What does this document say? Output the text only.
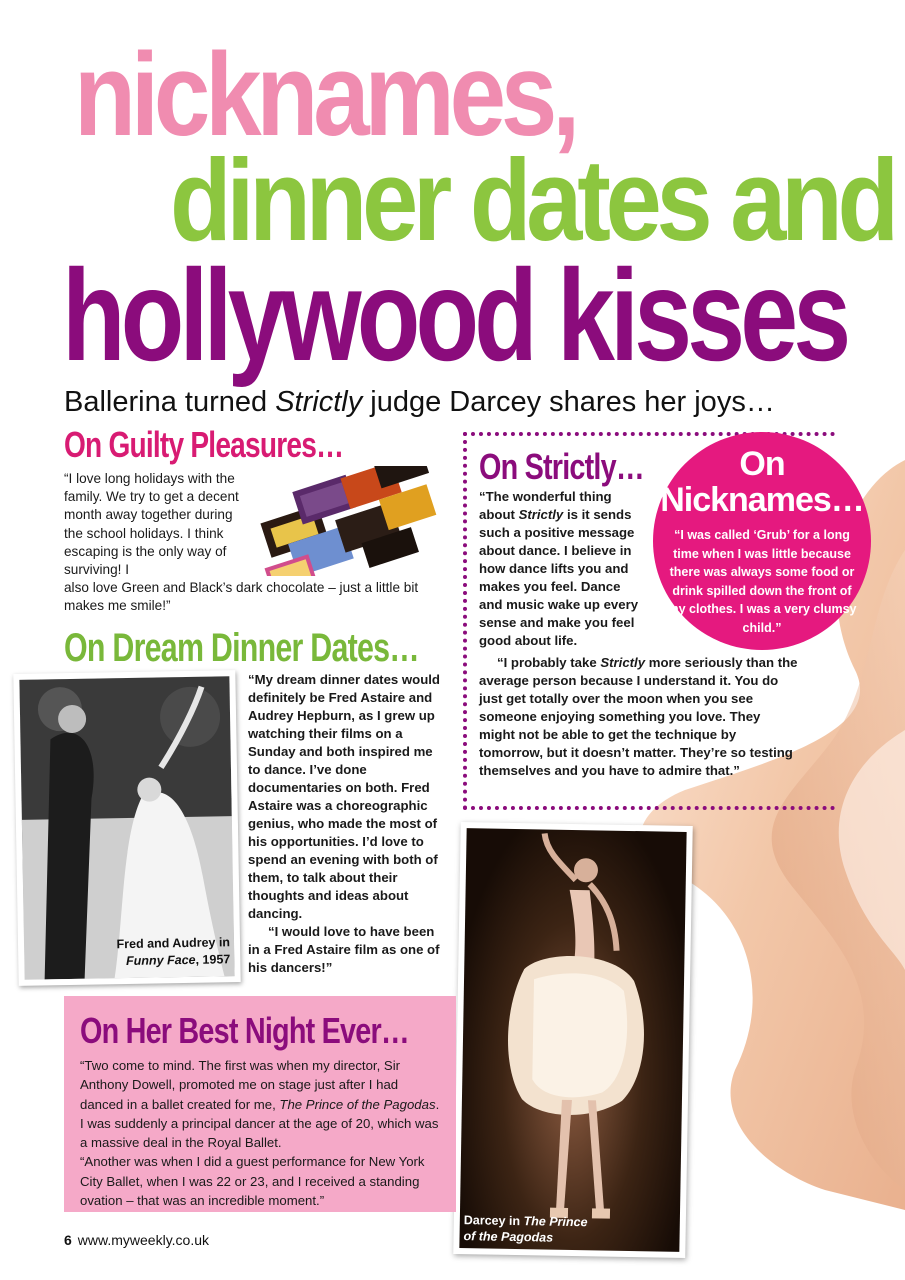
nicknames,
dinner dates and
hollywood kisses
Ballerina turned Strictly judge Darcey shares her joys…
On Guilty Pleasures…
“I love long holidays with the family. We try to get a decent month away together during the school holidays. I think escaping is the only way of surviving! I
also love Green and Black’s dark chocolate – just a little bit makes me smile!”
On Dream Dinner Dates…
Fred and Audrey in
Funny Face, 1957
“My dream dinner dates would definitely be Fred Astaire and Audrey Hepburn, as I grew up watching their films on a Sunday and both inspired me to dance. I’ve done documentaries on both. Fred Astaire was a choreographic genius, who made the most of his opportunities. I’d love to spend an evening with both of them, to talk about their thoughts and ideas about dancing.
“I would love to have been in a Fred Astaire film as one of his dancers!”
On Strictly…
“The wonderful thing about Strictly is it sends such a positive message about dance. I believe in how dance lifts you and makes you feel. Dance and music wake up every sense and make you feel good about life.
“I probably take Strictly more seriously than the average person because I understand it. You do just get totally over the moon when you see someone enjoying something you love. They might not be able to get the technique by tomorrow, but it doesn’t matter. They’re so testing themselves and you have to admire that.”
On
Nicknames…
“I was called ‘Grub’ for a long time when I was little because there was always some food or drink spilled down the front of my clothes. I was a very clumsy child.”
Darcey in The Prince
of the Pagodas
On Her Best Night Ever…
“Two come to mind. The first was when my director, Sir Anthony Dowell, promoted me on stage just after I had danced in a ballet created for me, The Prince of the Pagodas. I was suddenly a principal dancer at the age of 20, which was a massive deal in the Royal Ballet.
“Another was when I did a guest performance for New York City Ballet, when I was 22 or 23, and I received a standing ovation – that was an incredible moment.”
6 www.myweekly.co.uk
